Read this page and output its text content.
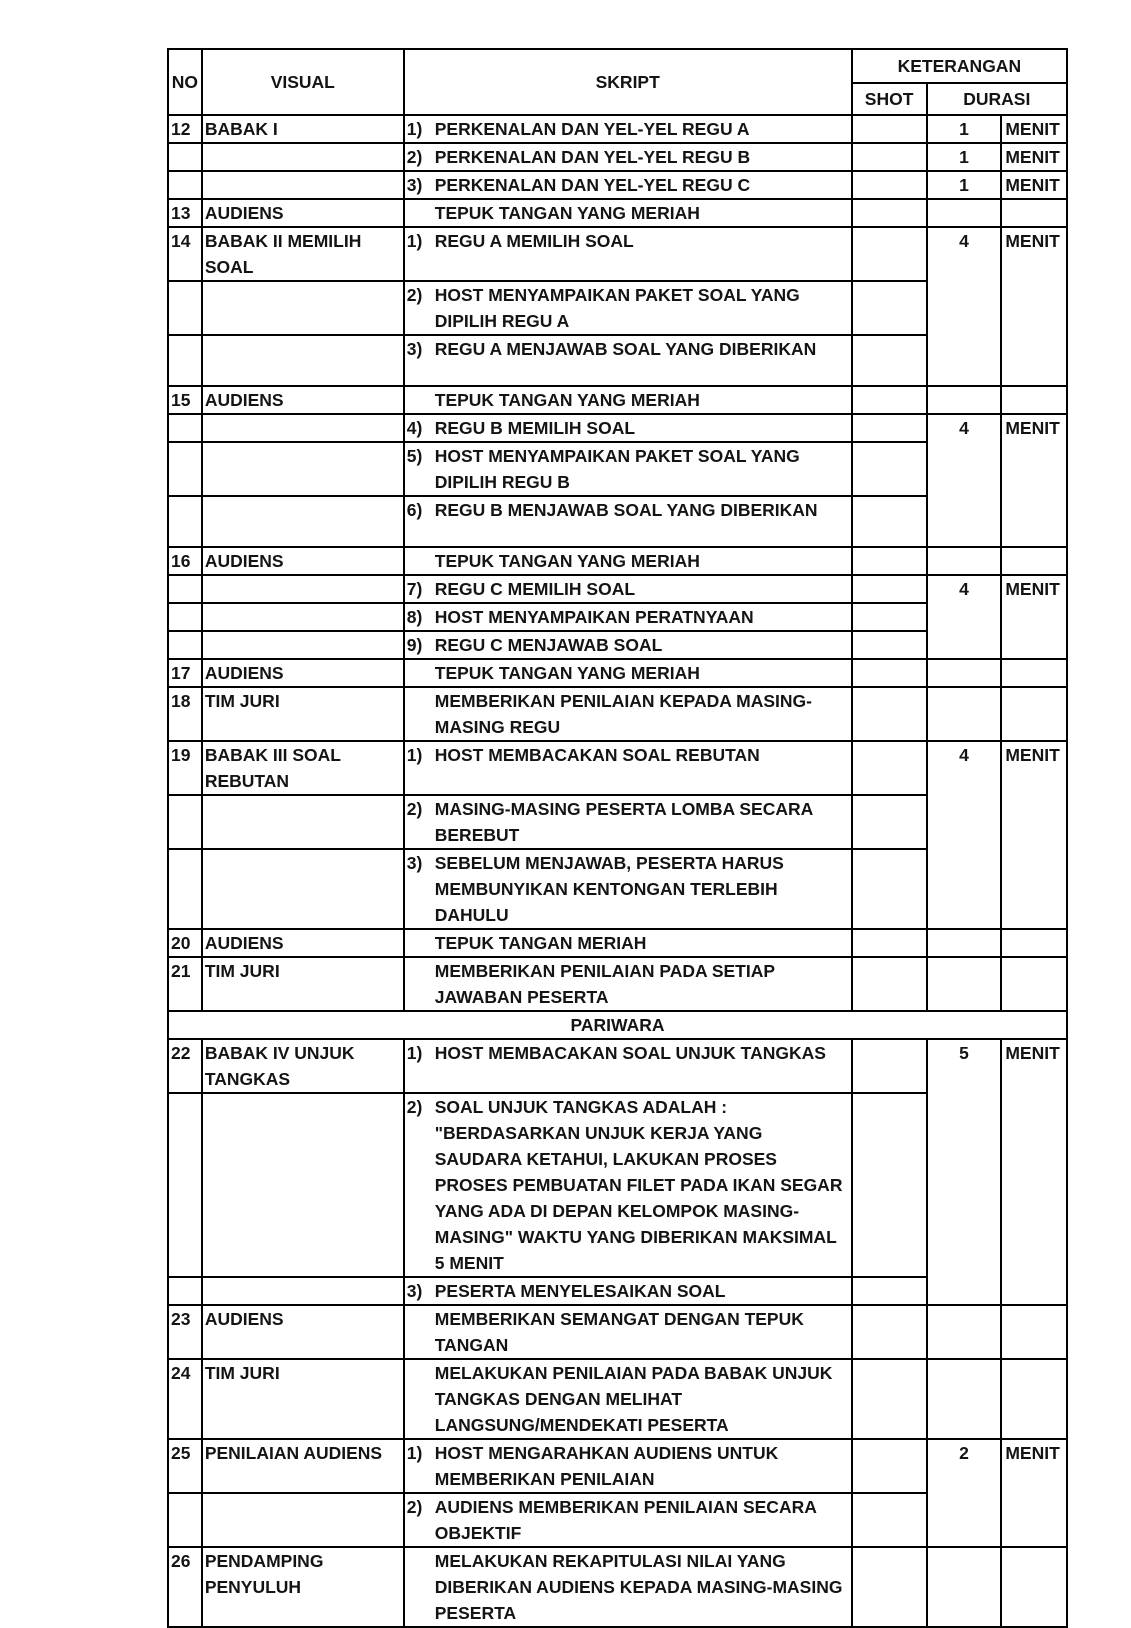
NO	VISUAL	SKRIPT	KETERANGAN		
			SHOT	DURASI	
12	BABAK I	1) PERKENALAN DAN YEL-YEL REGU A		1	MENIT

		2) PERKENALAN DAN YEL-YEL REGU B		1	MENIT

		3) PERKENALAN DAN YEL-YEL REGU C		1	MENIT
13	AUDIENS	TEPUK TANGAN YANG MERIAH			

14	BABAK II MEMILIH SOAL	1) REGU A MEMILIH SOAL		4	MENIT

		2) HOST MENYAMPAIKAN PAKET SOAL YANG DIPILIH REGU A			

		3) REGU A MENJAWAB SOAL YANG DIBERIKAN			

15	AUDIENS	TEPUK TANGAN YANG MERIAH			

		4) REGU B MEMILIH SOAL		4	MENIT

		5) HOST MENYAMPAIKAN PAKET SOAL YANG DIPILIH REGU B			

		6) REGU B MENJAWAB SOAL YANG DIBERIKAN			

16	AUDIENS	TEPUK TANGAN YANG MERIAH			

		7) REGU C MEMILIH SOAL		4	MENIT

		8) HOST MENYAMPAIKAN PERATNYAAN			

		9) REGU C MENJAWAB SOAL			

17	AUDIENS	TEPUK TANGAN YANG MERIAH			

18	TIM JURI	MEMBERIKAN PENILAIAN KEPADA MASING-MASING REGU			

19	BABAK III SOAL REBUTAN	1) HOST MEMBACAKAN SOAL REBUTAN		4	MENIT

		2) MASING-MASING PESERTA LOMBA SECARA BEREBUT			

		3) SEBELUM MENJAWAB, PESERTA HARUS MEMBUNYIKAN KENTONGAN TERLEBIH DAHULU			

20	AUDIENS	TEPUK TANGAN MERIAH			

21	TIM JURI	MEMBERIKAN PENILAIAN PADA SETIAP JAWABAN PESERTA			

PARIWARA					
22	BABAK IV UNJUK TANGKAS	1) HOST MEMBACAKAN SOAL UNJUK TANGKAS		5	MENIT

		2) SOAL UNJUK TANGKAS ADALAH : "BERDASARKAN UNJUK KERJA YANG SAUDARA KETAHUI, LAKUKAN PROSES PROSES PEMBUATAN FILET PADA IKAN SEGAR YANG ADA DI DEPAN KELOMPOK MASING-MASING" WAKTU YANG DIBERIKAN MAKSIMAL 5 MENIT			

		3) PESERTA MENYELESAIKAN SOAL			

23	AUDIENS	MEMBERIKAN SEMANGAT DENGAN TEPUK TANGAN			

24	TIM JURI	MELAKUKAN PENILAIAN PADA BABAK UNJUK TANGKAS DENGAN MELIHAT LANGSUNG/MENDEKATI PESERTA			

25	PENILAIAN AUDIENS	1) HOST MENGARAHKAN AUDIENS UNTUK MEMBERIKAN PENILAIAN		2	MENIT

		2) AUDIENS MEMBERIKAN PENILAIAN SECARA OBJEKTIF			

26	PENDAMPING PENYULUH	MELAKUKAN REKAPITULASI NILAI YANG DIBERIKAN AUDIENS KEPADA MASING-MASING PESERTA			
